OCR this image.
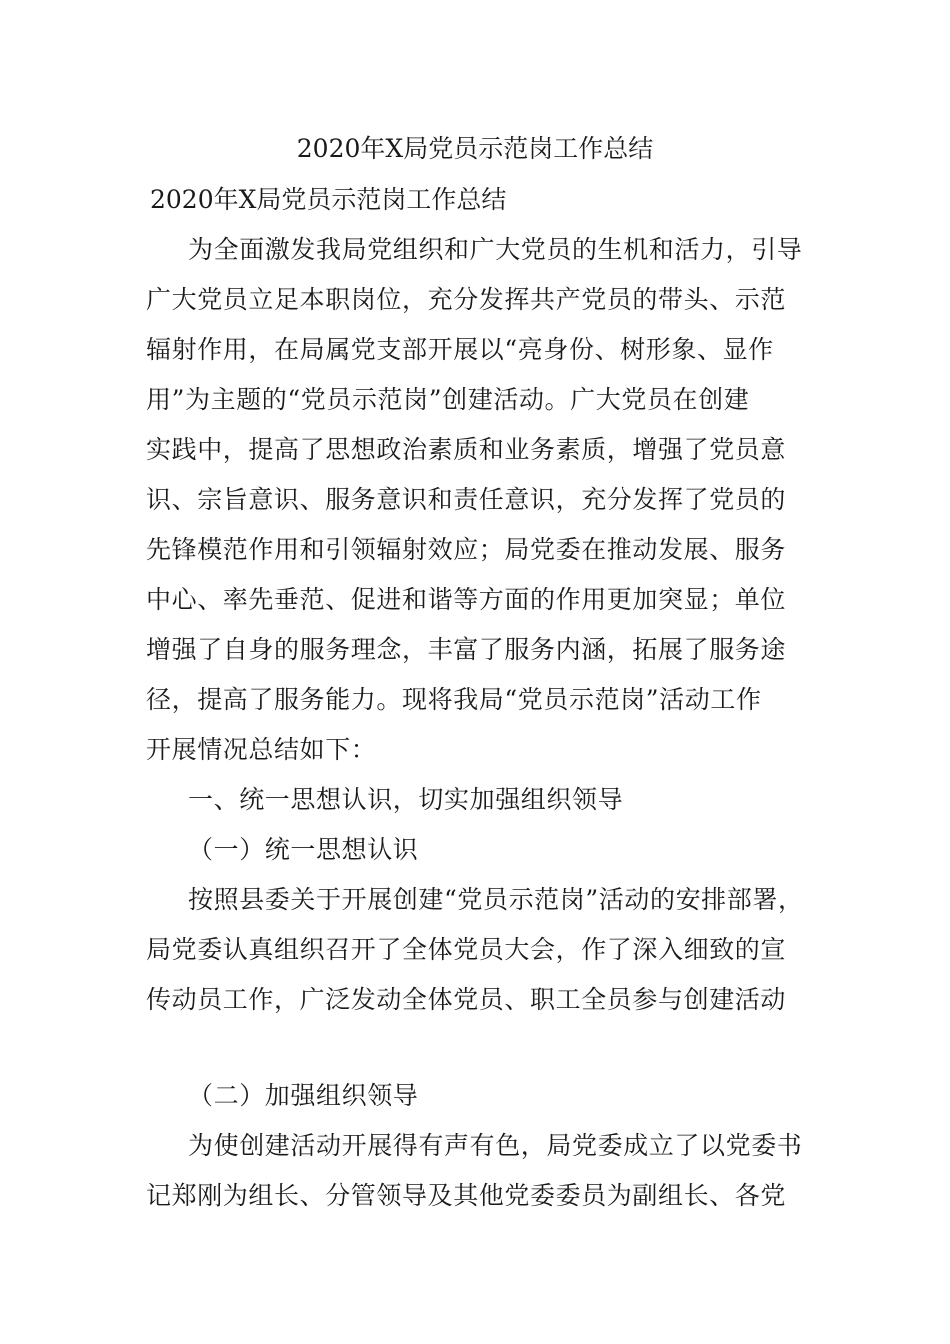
2020年X局党员示范岗工作总结
2020年X局党员示范岗工作总结
为全面激发我局党组织和广大党员的生机和活力，引导
广大党员立足本职岗位，充分发挥共产党员的带头、示范
辐射作用，在局属党支部开展以“亮身份、树形象、显作
用”为主题的“党员示范岗”创建活动。广大党员在创建
实践中，提高了思想政治素质和业务素质，增强了党员意
识、宗旨意识、服务意识和责任意识，充分发挥了党员的
先锋模范作用和引领辐射效应；局党委在推动发展、服务
中心、率先垂范、促进和谐等方面的作用更加突显；单位
增强了自身的服务理念，丰富了服务内涵，拓展了服务途
径，提高了服务能力。现将我局“党员示范岗”活动工作
开展情况总结如下：
一、统一思想认识，切实加强组织领导
（一）统一思想认识
按照县委关于开展创建“党员示范岗”活动的安排部署，
局党委认真组织召开了全体党员大会，作了深入细致的宣
传动员工作，广泛发动全体党员、职工全员参与创建活动
（二）加强组织领导
为使创建活动开展得有声有色，局党委成立了以党委书
记郑刚为组长、分管领导及其他党委委员为副组长、各党
